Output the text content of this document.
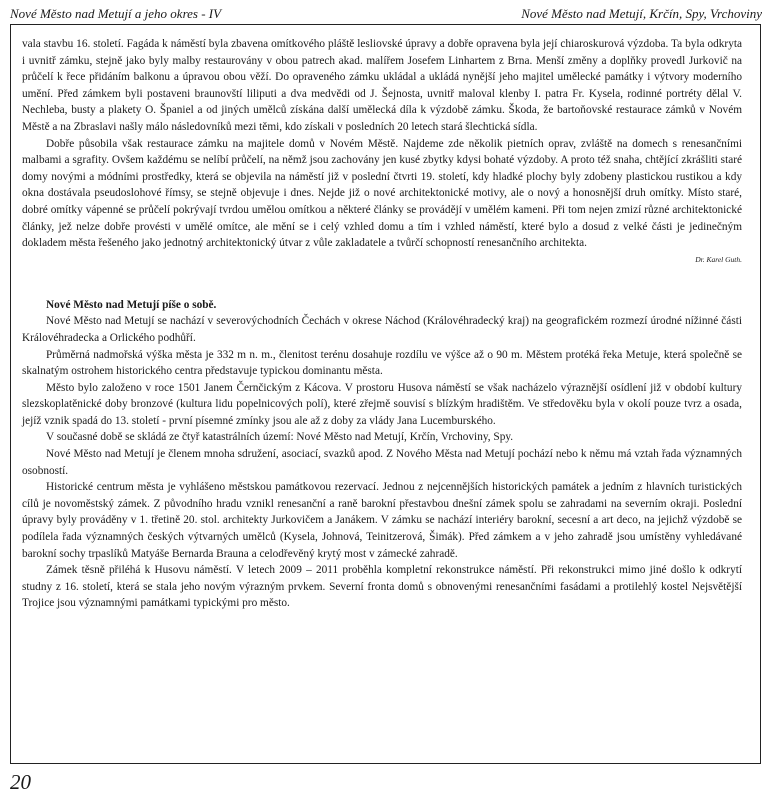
Nové Město nad Metují a jeho okres - IV	Nové Město nad Metují, Krčín, Spy, Vrchoviny

vala stavbu 16. století. Fagáda k náměstí byla zbavena omítkového pláště lesliovské úpravy a dobře opravena byla její chiaroskurová výzdoba. Ta byla odkryta i uvnitř zámku, stejně jako byly malby restaurovány v obou patrech akad. malířem Josefem Linhartem z Brna. Menší změny a doplňky provedl Jurkovič na průčelí k řece přidáním balkonu a úpravou obou věží. Do opraveného zámku ukládal a ukládá nynější jeho majitel umělecké památky i výtvory moderního umění. Před zámkem byli postaveni braunovští liliputi a dva medvědi od J. Šejnosta, uvnitř maloval klenby I. patra Fr. Kysela, rodinné portréty dělal V. Nechleba, busty a plakety O. Španiel a od jiných umělců získána další umělecká díla k výzdobě zámku. Škoda, že bartoňovské restaurace zámků v Novém Městě a na Zbraslavi našly málo následovníků mezi těmi, kdo získali v posledních 20 letech stará šlechtická sídla.

Dobře působila však restaurace zámku na majitele domů v Novém Městě. Najdeme zde několik pietních oprav, zvláště na domech s renesančními malbami a sgrafity. Ovšem každému se nelíbí průčelí, na němž jsou zachovány jen kusé zbytky kdysi bohaté výzdoby. A proto též snaha, chtějící zkrášliti staré domy novými a módními prostředky, která se objevila na náměstí již v poslední čtvrti 19. století, kdy hladké plochy byly zdobeny plastickou rustikou a kdy okna dostávala pseudoslohové římsy, se stejně objevuje i dnes. Nejde již o nové architektonické motivy, ale o nový a honosnější druh omítky. Místo staré, dobré omítky vápenné se průčelí pokrývají tvrdou umělou omítkou a některé články se provádějí v umělém kameni. Při tom nejen zmizí různé architektonické články, jež nelze dobře provésti v umělé omítce, ale mění se i celý vzhled domu a tím i vzhled náměstí, které bylo a dosud z velké části je jedinečným dokladem města řešeného jako jednotný architektonický útvar z vůle zakladatele a tvůrčí schopností renesančního architekta.

Dr. Karel Guth.

Nové Město nad Metují píše o sobě.

Nové Město nad Metují se nachází v severovýchodních Čechách v okrese Náchod (Královéhradecký kraj) na geografickém rozmezí úrodné nížinné části Královéhradecka a Orlického podhůří.

Průměrná nadmořská výška města je 332 m n. m., členitost terénu dosahuje rozdílu ve výšce až o 90 m. Městem protéká řeka Metuje, která společně se skalnatým ostrohem historického centra představuje typickou dominantu města.

Město bylo založeno v roce 1501 Janem Černčickým z Kácova. V prostoru Husova náměstí se však nacházelo výraznější osídlení již v období kultury slezskoplatěnické doby bronzové (kultura lidu popelnicových polí), které zřejmě souvisí s blízkým hradištěm. Ve středověku byla v okolí pouze tvrz a osada, jejíž vznik spadá do 13. století - první písemné zmínky jsou ale až z doby za vlády Jana Lucemburského.

V současné době se skládá ze čtyř katastrálních území: Nové Město nad Metují, Krčín, Vrchoviny, Spy.

Nové Město nad Metují je členem mnoha sdružení, asociací, svazků apod. Z Nového Města nad Metují pochází nebo k němu má vztah řada významných osobností.

Historické centrum města je vyhlášeno městskou památkovou rezervací. Jednou z nejcennějších historických památek a jedním z hlavních turistických cílů je novoměstský zámek. Z původního hradu vznikl renesanční a raně barokní přestavbou dnešní zámek spolu se zahradami na severním okraji. Poslední úpravy byly prováděny v 1. třetině 20. stol. architekty Jurkovičem a Janákem. V zámku se nachází interiéry barokní, secesní a art deco, na jejichž výzdobě se podílela řada významných českých výtvarných umělců (Kysela, Johnová, Teinitzerová, Šimák). Před zámkem a v jeho zahradě jsou umístěny vyhledávané barokní sochy trpaslíků Matyáše Bernarda Brauna a celodřevěný krytý most v zámecké zahradě.

Zámek těsně přiléhá k Husovu náměstí. V letech 2009 – 2011 proběhla kompletní rekonstrukce náměstí. Při rekonstrukci mimo jiné došlo k odkrytí studny z 16. století, která se stala jeho novým výrazným prvkem. Severní fronta domů s obnovenými renesančními fasádami a protilehlý kostel Nejsvětější Trojice jsou významnými památkami typickými pro město.

20
